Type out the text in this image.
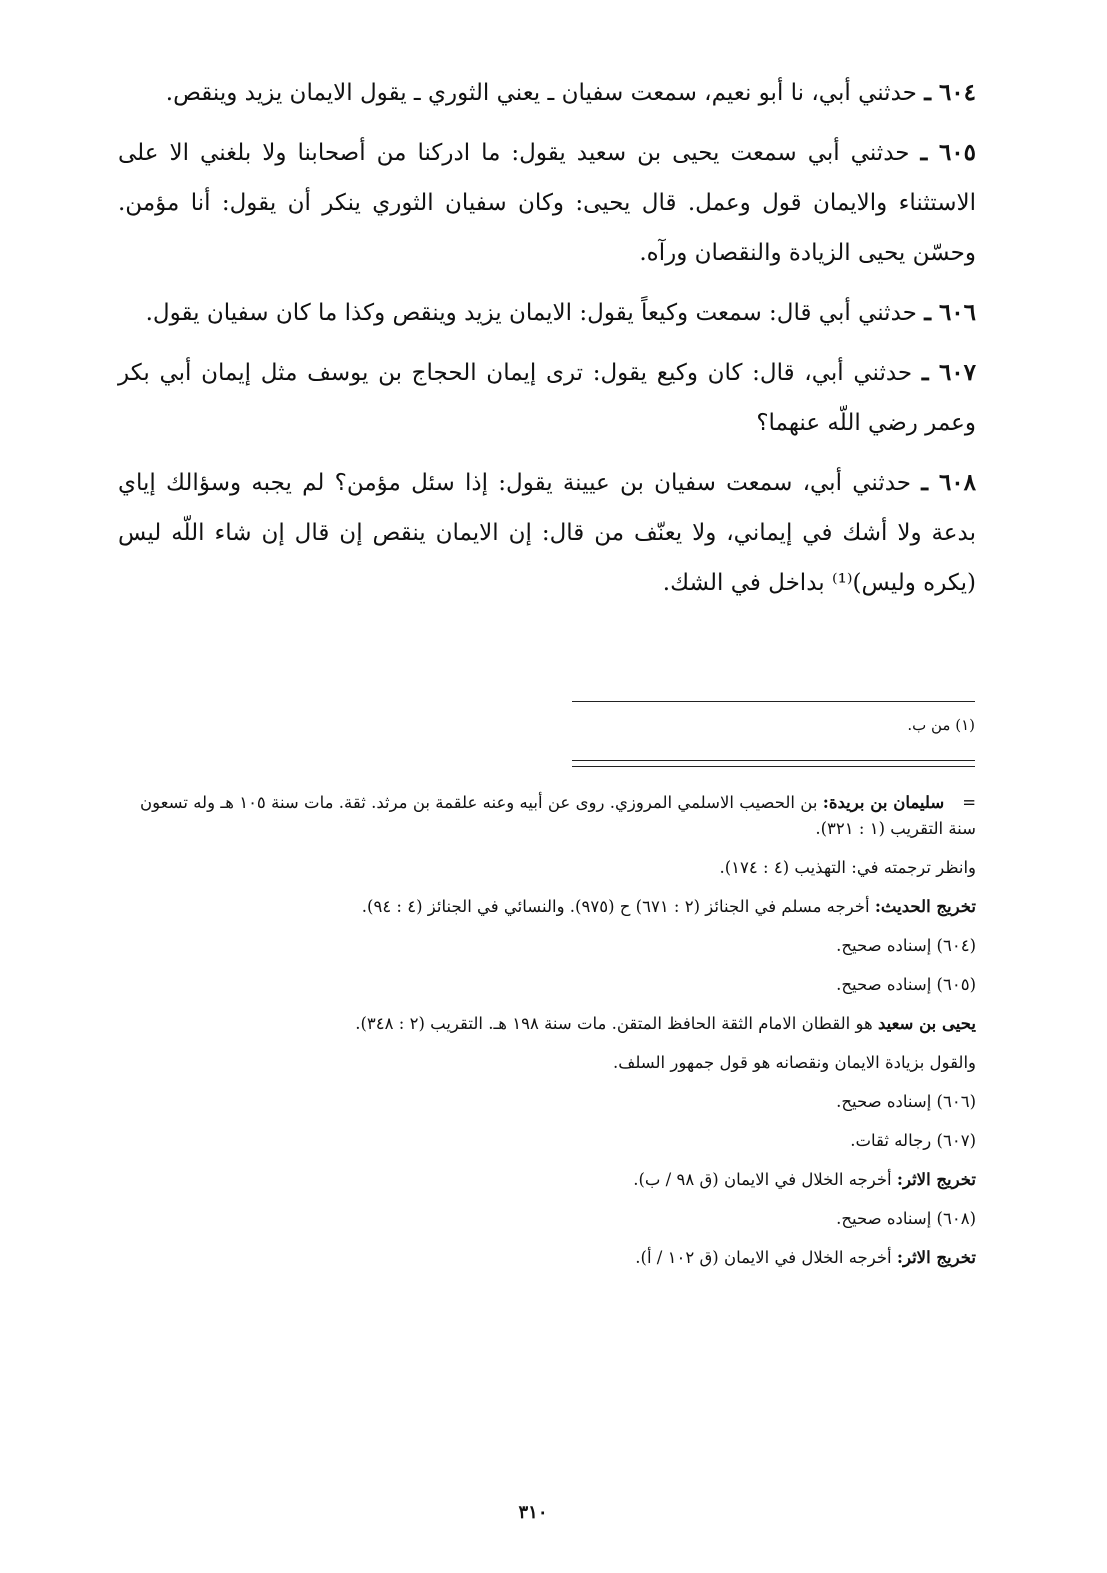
٦٠٤ ـ حدثني أبي، نا أبو نعيم، سمعت سفيان ـ يعني الثوري ـ يقول الايمان يزيد وينقص.

٦٠٥ ـ حدثني أبي سمعت يحيى بن سعيد يقول: ما ادركنا من أصحابنا ولا بلغني الا على الاستثناء والايمان قول وعمل. قال يحيى: وكان سفيان الثوري ينكر أن يقول: أنا مؤمن. وحسّن يحيى الزيادة والنقصان ورآه.

٦٠٦ ـ حدثني أبي قال: سمعت وكيعاً يقول: الايمان يزيد وينقص وكذا ما كان سفيان يقول.

٦٠٧ ـ حدثني أبي، قال: كان وكيع يقول: ترى إيمان الحجاج بن يوسف مثل إيمان أبي بكر وعمر رضي اللّه عنهما؟

٦٠٨ ـ حدثني أبي، سمعت سفيان بن عيينة يقول: إذا سئل مؤمن؟ لم يجبه وسؤالك إياي بدعة ولا أشك في إيماني، ولا يعنّف من قال: إن الايمان ينقص إن قال إن شاء اللّه ليس (يكره وليس)⁽¹⁾ بداخل في الشك.

(١) من ب.

=سليمان بن بريدة: بن الحصيب الاسلمي المروزي. روى عن أبيه وعنه علقمة بن مرثد. ثقة. مات سنة ١٠٥ هـ وله تسعون سنة التقريب (١ : ٣٢١).

وانظر ترجمته في: التهذيب (٤ : ١٧٤).

تخريج الحديث: أخرجه مسلم في الجنائز (٢ : ٦٧١) ح (٩٧٥). والنسائي في الجنائز (٤ : ٩٤).

(٦٠٤) إسناده صحيح.

(٦٠٥) إسناده صحيح.

يحيى بن سعيد هو القطان الامام الثقة الحافظ المتقن. مات سنة ١٩٨ هـ. التقريب (٢ : ٣٤٨).

والقول بزيادة الايمان ونقصانه هو قول جمهور السلف.

(٦٠٦) إسناده صحيح.

(٦٠٧) رجاله ثقات.

تخريج الاثر: أخرجه الخلال في الايمان (ق ٩٨ / ب).

(٦٠٨) إسناده صحيح.

تخريج الاثر: أخرجه الخلال في الايمان (ق ١٠٢ / أ).

٣١٠
